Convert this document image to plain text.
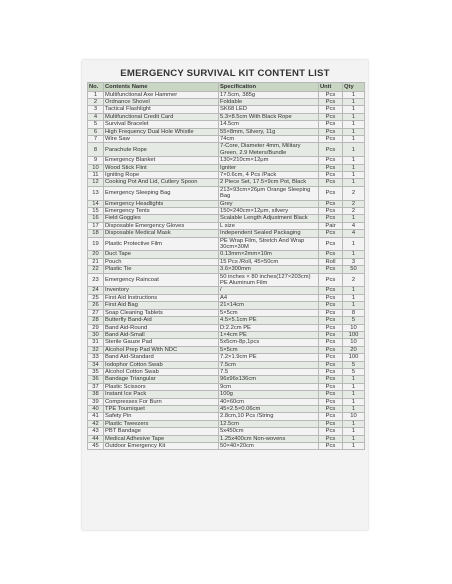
EMERGENCY SURVIVAL KIT CONTENT LIST
No.	Contents Name	Specification	Unit	Qty
1	Multifunctional Axe Hammer	17.5cm, 385g	Pcs	1
2	Ordnance Shovel	Foldable	Pcs	1
3	Tactical Flashlight	SK68 LED	Pcs	1
4	Multifunctional Credit Card	5.3×8.5cm With Black Rope	Pcs	1
5	Survival Bracelet	14.5cm	Pcs	1
6	High Frequency Dual Hole Whistle	55×8mm, Silvery, 11g	Pcs	1
7	Wire Saw	74cm	Pcs	1
8	Parachute Rope	7-Core, Diameter 4mm, Military Green, 2.9 Meters/Bundle	Pcs	1
9	Emergency Blanket	130×210cm×12μm	Pcs	1
10	Wood Stick Flint	Igniter	Pcs	1
11	Igniting Rope	7×0.6cm, 4 Pcs /Pack	Pcs	1
12	Cooking Pot And Lid, Cutlery Spoon	2 Piece Set, 17.5×9cm Pot, Black	Pcs	1
13	Emergency Sleeping Bag	213×93cm×26μm Orange Sleeping Bag	Pcs	2
14	Emergency Headlights	Grey	Pcs	2
15	Emergency Tents	150×240cm×12μm, silvery	Pcs	2
16	Field Goggles	Scalable Length Adjustment Black	Pcs	1
17	Disposable Emergency Gloves	L size	Pair	4
18	Disposable Medical Mask	Independent Sealed Packaging	Pcs	4
19	Plastic Protective Film	PE Wrap Film, Stretch And Wrap 30cm×30M	Pcs	1
20	Duct Tape	0.13mm×2mm×10m	Pcs	1
21	Pouch	15 Pcs /Roll, 45×50cm	Roll	3
22	Plastic Tie	3.6×300mm	Pcs	50
23	Emergency Raincoat	50 inches × 80 inches(127×203cm) PE Aluminum Film	Pcs	2
24	Inventory	/	Pcs	1
25	First Aid Instructions	A4	Pcs	1
26	First Aid Bag	21×14cm	Pcs	1
27	Soap Cleaning Tablets	5×5cm	Pcs	8
28	Butterfly Band-Aid	4.5×5.1cm PE	Pcs	5
29	Band Aid-Round	D:2.2cm PE	Pcs	10
30	Band Aid-Small	1×4cm PE	Pcs	100
31	Sterile Gauze Pad	5x5cm-8p,1pcs	Pcs	10
32	Alcohol Prep Pad With NDC	5×5cm	Pcs	20
33	Band Aid-Standard	7.2×1.9cm PE	Pcs	100
34	Iodophor Cotton Swab	7.5cm	Pcs	5
35	Alcohol Cotton Swab	7.5	Pcs	5
36	Bandage Triangular	96x96x136cm	Pcs	1
37	Plastic Scissors	9cm	Pcs	1
38	Instant Ice Pack	100g	Pcs	1
39	Compresses For Burn	40×60cm	Pcs	1
40	TPE Tourniquet	45×2.5×0.06cm	Pcs	1
41	Safety Pin	2.8cm,10 Pcs /String	Pcs	10
42	Plastic Tweezers	12.5cm	Pcs	1
43	PBT Bandage	5x450cm	Pcs	1
44	Medical Adhesive Tape	1.25x400cm Non-wovens	Pcs	1
45	Outdoor Emergency Kit	50×40×20cm	Pcs	1
